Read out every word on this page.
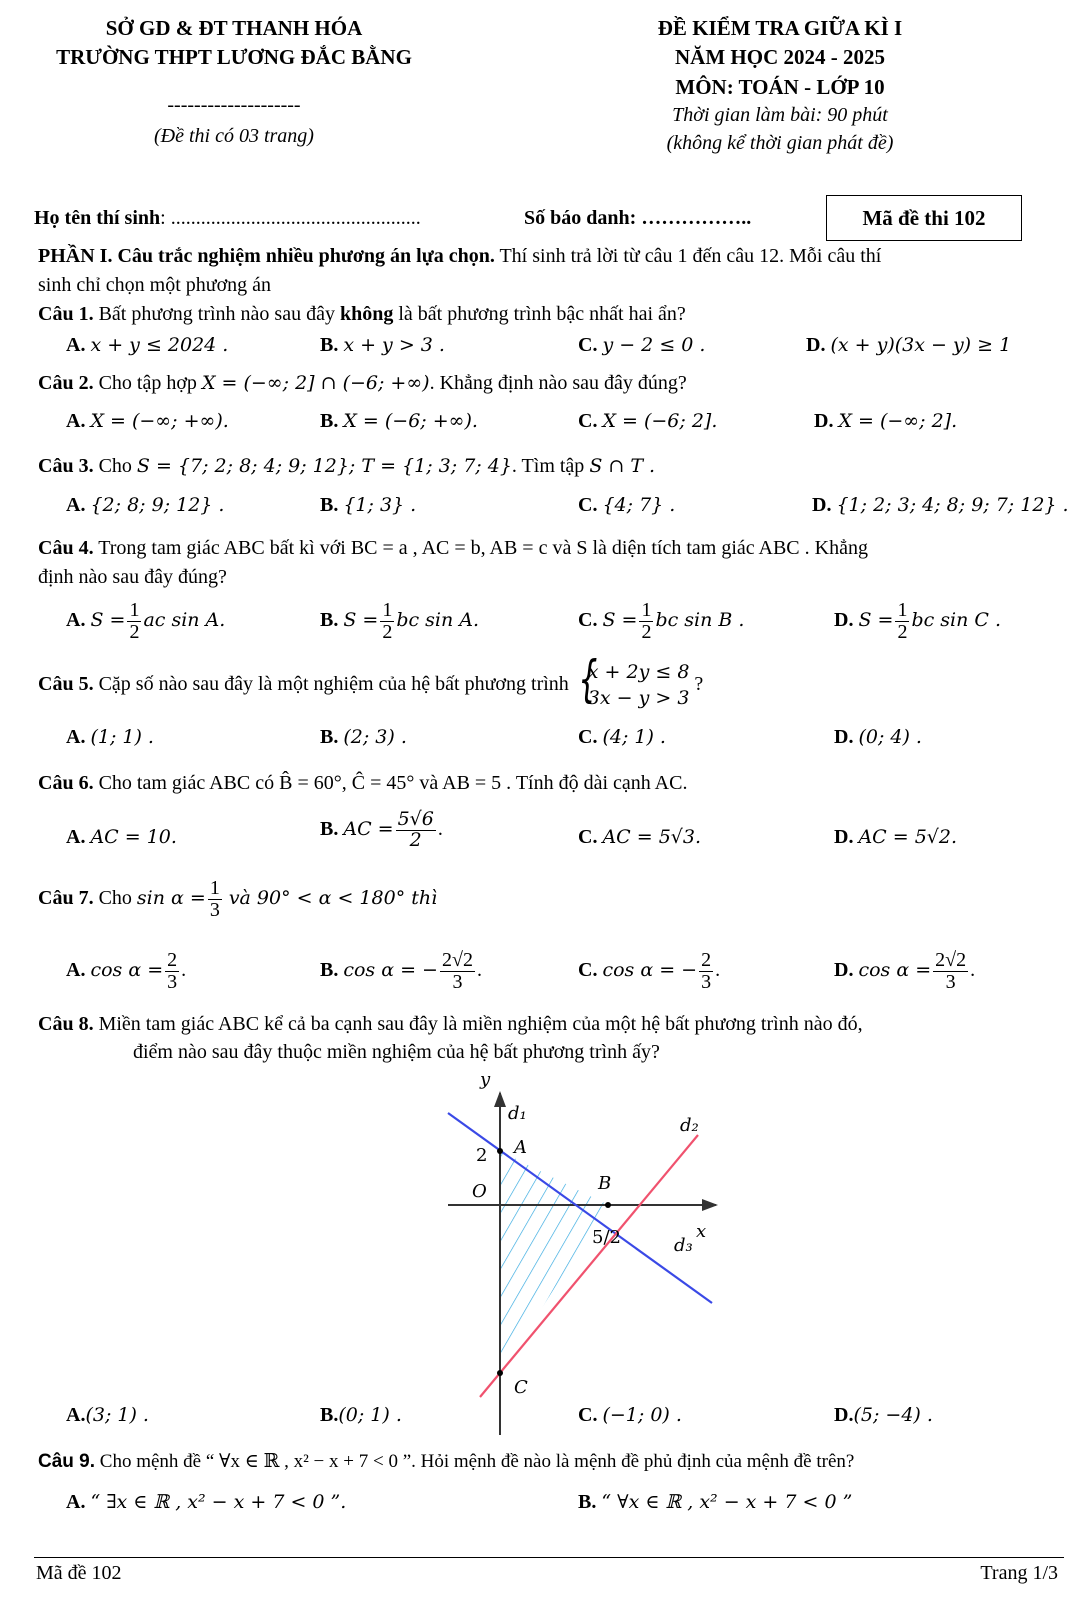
SỞ GD & ĐT THANH HÓA
TRƯỜNG THPT LƯƠNG ĐẮC BẰNG
--------------------
(Đề thi có 03 trang)
ĐỀ KIỂM TRA GIỮA KÌ I
NĂM HỌC 2024 - 2025
MÔN: TOÁN - LỚP 10
Thời gian làm bài: 90 phút
(không kể thời gian phát đề)
Họ tên thí sinh: ..................................................	Số báo danh: ……………..	Mã đề thi 102
PHẦN I. Câu trắc nghiệm nhiều phương án lựa chọn. Thí sinh trả lời từ câu 1 đến câu 12. Mỗi câu thí
sinh chỉ chọn một phương án
Câu 1. Bất phương trình nào sau đây không là bất phương trình bậc nhất hai ẩn?
A. x + y ≤ 2024 .	B. x + y > 3 .	C. y − 2 ≤ 0 .	D. (x + y)(3x − y) ≥ 1
Câu 2. Cho tập hợp X = (−∞; 2] ∩ (−6; +∞). Khẳng định nào sau đây đúng?
A. X = (−∞; +∞).	B. X = (−6; +∞).	C. X = (−6; 2].	D. X = (−∞; 2].
Câu 3. Cho S = {7; 2; 8; 4; 9; 12}; T = {1; 3; 7; 4}. Tìm tập S ∩ T .
A. {2; 8; 9; 12} .	B. {1; 3} .	C. {4; 7} .	D. {1; 2; 3; 4; 8; 9; 7; 12} .
Câu 4. Trong tam giác ABC bất kì với BC = a , AC = b, AB = c và S là diện tích tam giác ABC . Khẳng
định nào sau đây đúng?
A. $S = \frac{1}{2}$ ac sin A.	B. $S = \frac{1}{2}$ bc sin A.	C. $S = \frac{1}{2}$ bc sin B .	D. $S = \frac{1}{2}$ bc sin C .
Câu 5. Cặp số nào sau đây là một nghiệm của hệ bất phương trình
{ x + 2y ≤ 8
3x − y > 3
?
A. (1; 1) .	B. (2; 3) .	C. (4; 1) .	D. (0; 4) .
Câu 6. Cho tam giác ABC có B̂ = 60°, Ĉ = 45° và AB = 5 . Tính độ dài cạnh AC.
A. AC = 10.	B. AC = $\frac{5√6}{2}$ .	C. AC = 5√3.	D. AC = 5√2.
Câu 7. Cho $\sin \alpha = \frac{1}{3}$ và 90° < α < 180° thì
A. $\cos \alpha = \frac{2}{3}$ .	B. cos α = − $\frac{2√2}{3}$ .	C. cos α = − $\frac{2}{3}$ .	D. $\cos \alpha = \frac{2√2}{3}$ .
Câu 8. Miền tam giác ABC kể cả ba cạnh sau đây là miền nghiệm của một hệ bất phương trình nào đó,
điểm nào sau đây thuộc miền nghiệm của hệ bất phương trình ấy?
y
x
O
2
5/2
A
B
C
d₁
d₂
d₃
A.(3; 1) .	B.(0; 1) .	C. (−1; 0) .	D.(5; −4) .
Câu 9. Cho mệnh đề “ ∀x ∈ ℝ , x² − x + 7 < 0 ”. Hỏi mệnh đề nào là mệnh đề phủ định của mệnh đề trên?
A. “ ∃x ∈ ℝ , x² − x + 7 < 0 ”.	B. “ ∀x ∈ ℝ , x² − x + 7 < 0 ”
Mã đề 102	Trang 1/3
